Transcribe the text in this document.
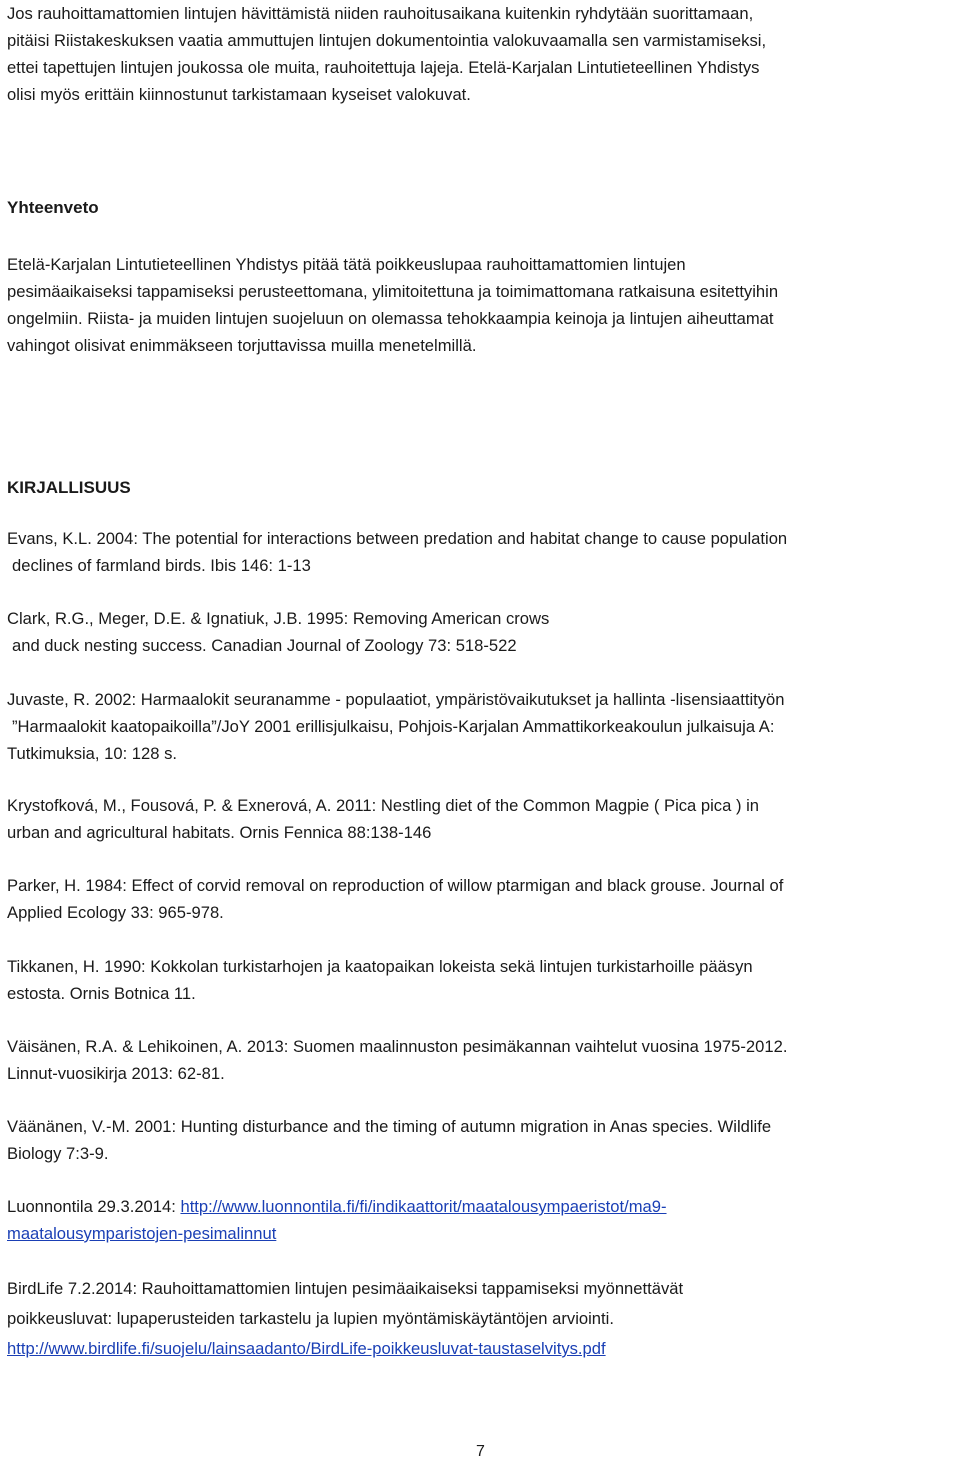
Jos rauhoittamattomien lintujen hävittämistä niiden rauhoitusaikana kuitenkin ryhdytään suorittamaan,
pitäisi Riistakeskuksen vaatia ammuttujen lintujen dokumentointia valokuvaamalla sen varmistamiseksi,
ettei tapettujen lintujen joukossa ole muita, rauhoitettuja lajeja. Etelä-Karjalan Lintutieteellinen Yhdistys
olisi myös erittäin kiinnostunut tarkistamaan kyseiset valokuvat.
Yhteenveto
Etelä-Karjalan Lintutieteellinen Yhdistys pitää tätä poikkeuslupaa rauhoittamattomien lintujen
pesimäaikaiseksi tappamiseksi perusteettomana, ylimitoitettuna ja toimimattomana ratkaisuna esitettyihin
ongelmiin. Riista- ja muiden lintujen suojeluun on olemassa tehokkaampia keinoja ja lintujen aiheuttamat
vahingot olisivat enimmäkseen torjuttavissa muilla menetelmillä.
KIRJALLISUUS
Evans, K.L. 2004: The potential for interactions between predation and habitat change to cause population
declines of farmland birds. Ibis 146: 1-13
Clark, R.G., Meger, D.E. & Ignatiuk, J.B. 1995: Removing American crows
and duck nesting success. Canadian Journal of Zoology 73: 518-522
Juvaste, R. 2002: Harmaalokit seuranamme - populaatiot, ympäristövaikutukset ja hallinta -lisensiaattityön
”Harmaalokit kaatopaikoilla”/JoY 2001 erillisjulkaisu, Pohjois-Karjalan Ammattikorkeakoulun julkaisuja A:
Tutkimuksia, 10: 128 s.
Krystofková, M., Fousová, P. & Exnerová, A. 2011: Nestling diet of the Common Magpie ( Pica pica ) in
urban and agricultural habitats. Ornis Fennica 88:138-146
Parker, H. 1984: Effect of corvid removal on reproduction of willow ptarmigan and black grouse. Journal of
Applied Ecology 33: 965-978.
Tikkanen, H. 1990: Kokkolan turkistarhojen ja kaatopaikan lokeista sekä lintujen turkistarhoille pääsyn
estosta. Ornis Botnica 11.
Väisänen, R.A. & Lehikoinen, A. 2013: Suomen maalinnuston pesimäkannan vaihtelut vuosina 1975-2012.
Linnut-vuosikirja 2013: 62-81.
Väänänen, V.-M. 2001: Hunting disturbance and the timing of autumn migration in Anas species. Wildlife
Biology 7:3-9.
Luonnontila 29.3.2014: http://www.luonnontila.fi/fi/indikaattorit/maatalousympaeristot/ma9-
maatalousymparistojen-pesimalinnut
BirdLife 7.2.2014: Rauhoittamattomien lintujen pesimäaikaiseksi tappamiseksi myönnettävät
poikkeusluvat: lupaperusteiden tarkastelu ja lupien myöntämiskäytäntöjen arviointi.
http://www.birdlife.fi/suojelu/lainsaadanto/BirdLife-poikkeusluvat-taustaselvitys.pdf
7
